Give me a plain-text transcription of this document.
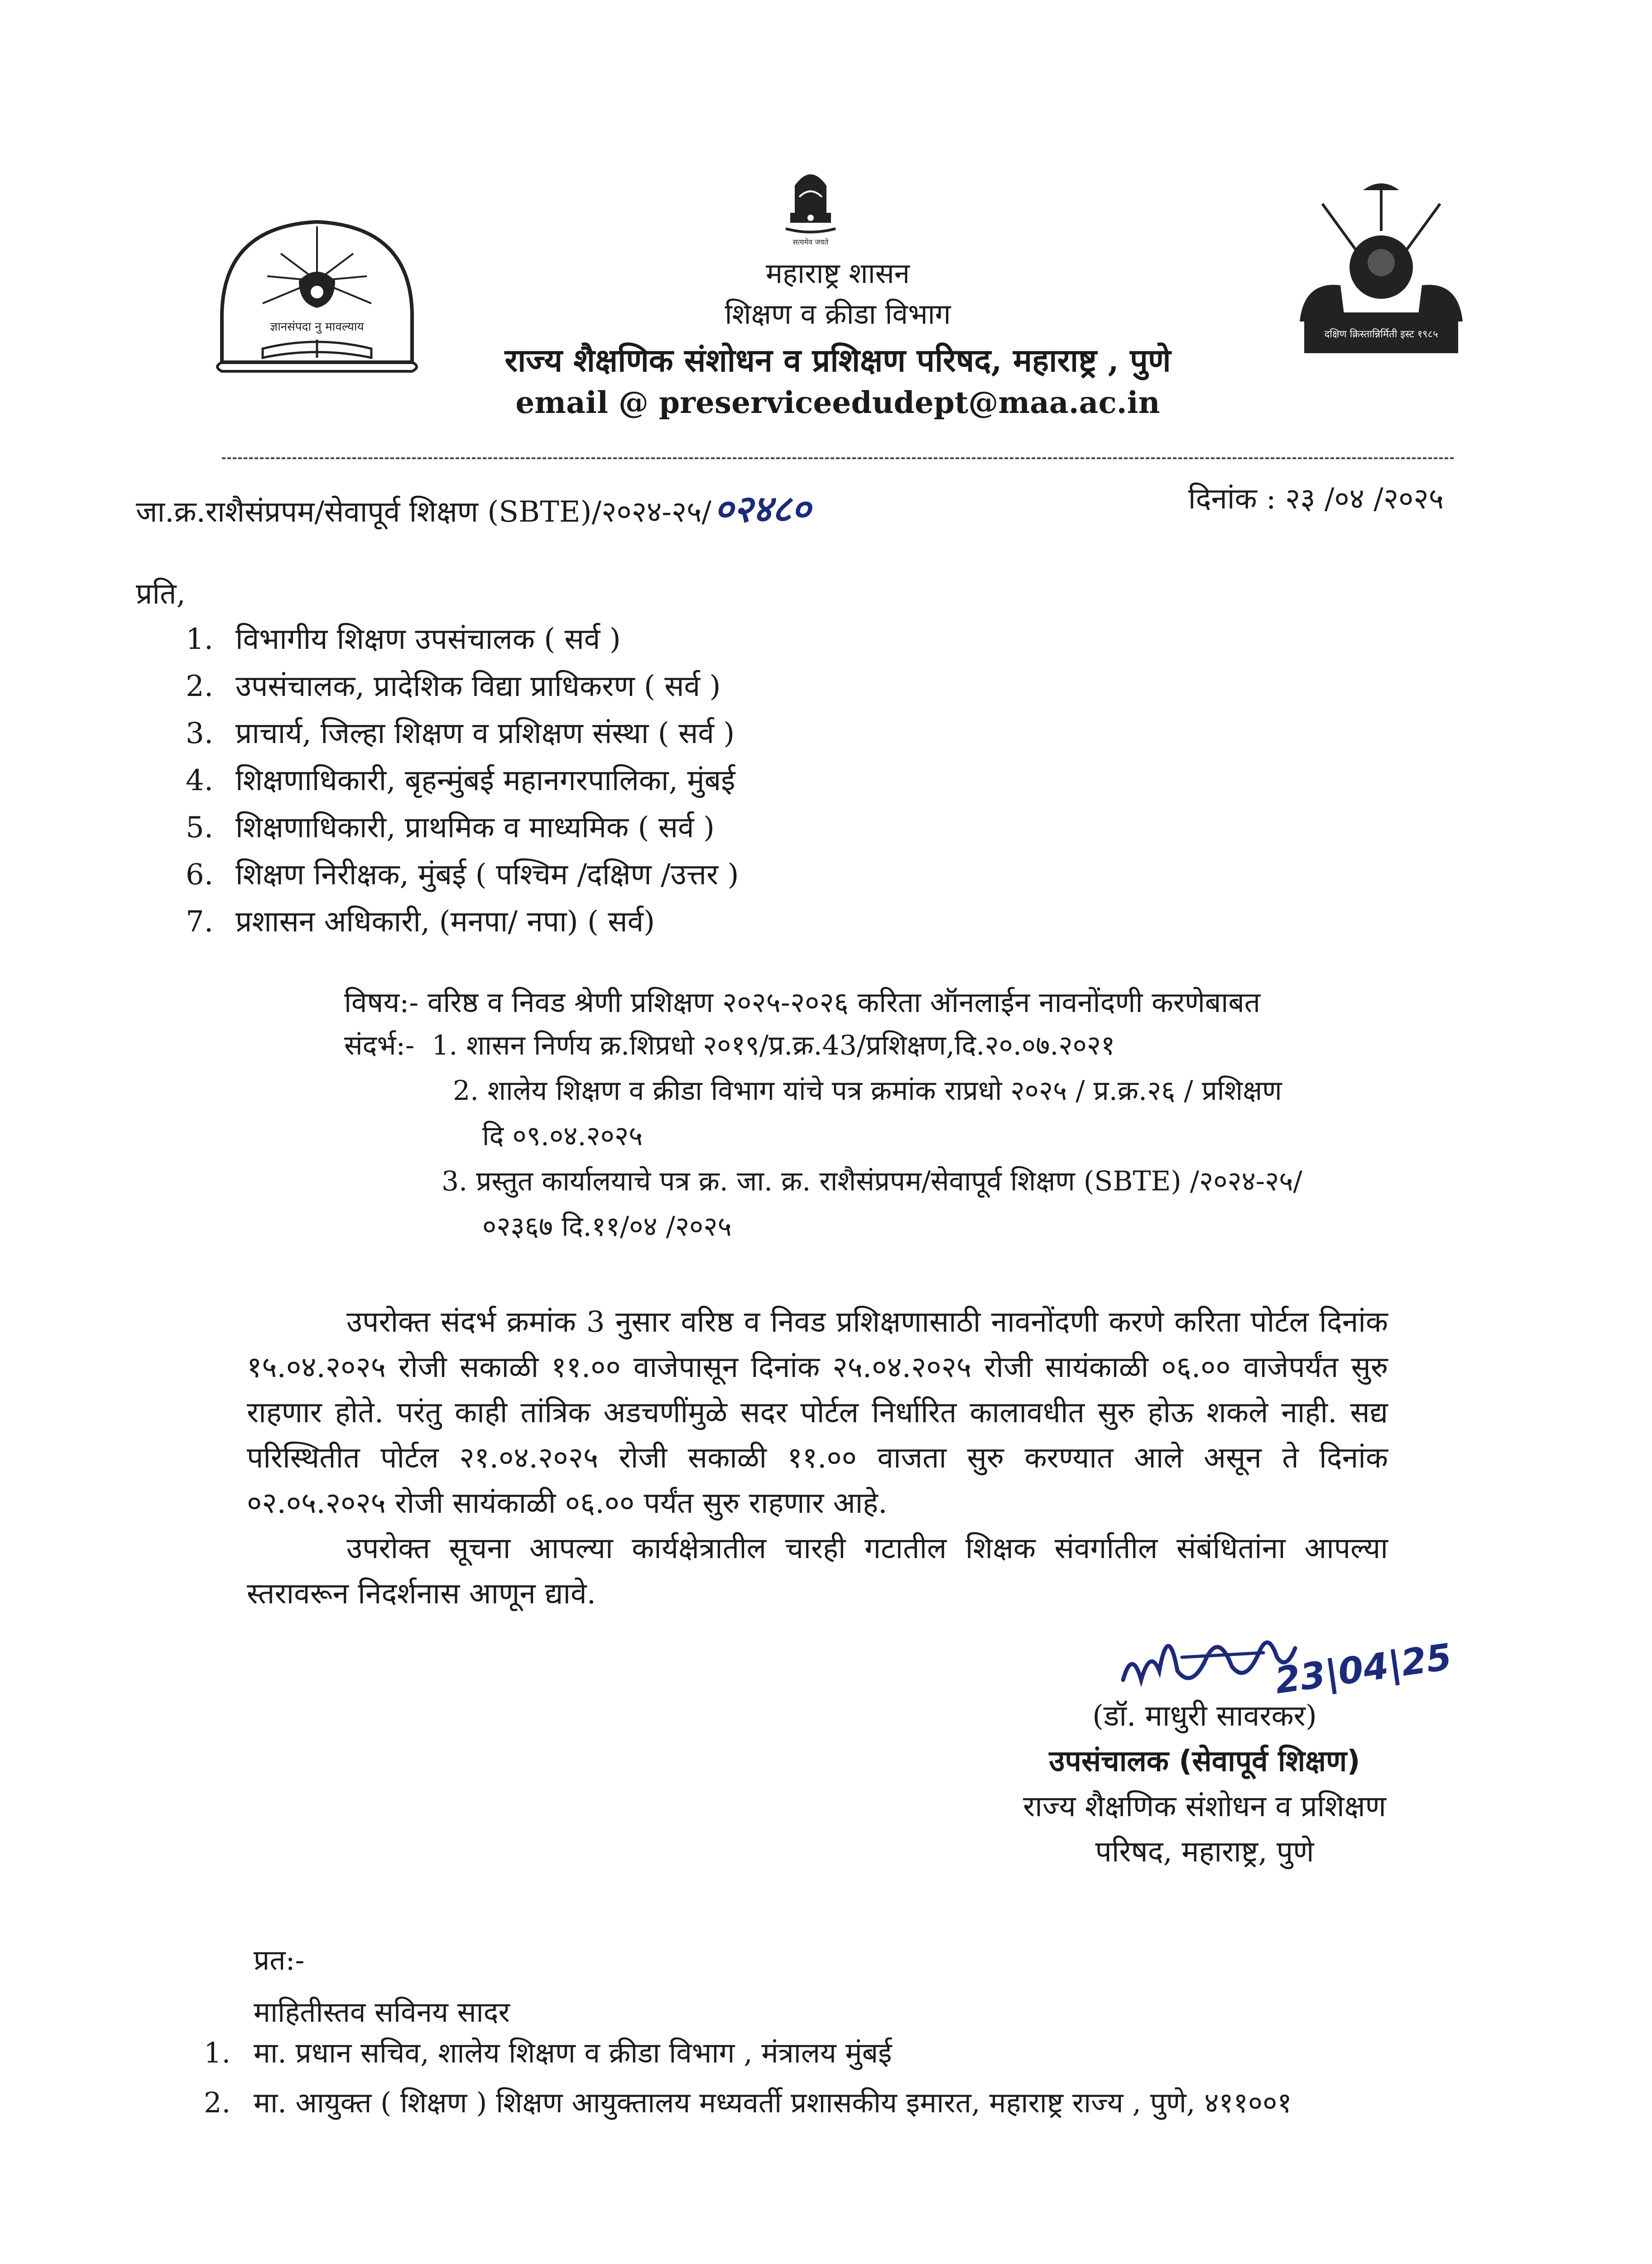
ज्ञानसंपदा नु मावल्याय
सत्यमेव जयते
दक्षिण क्रिस्तान्निर्मिती इस्ट १९८५
महाराष्ट्र शासन
शिक्षण व क्रीडा विभाग
राज्य शैक्षणिक संशोधन व प्रशिक्षण परिषद, महाराष्ट्र , पुणे
email @ preserviceedudept@maa.ac.in
जा.क्र.राशैसंप्रपम/सेवापूर्व शिक्षण (SBTE)/२०२४-२५/०२४८०	दिनांक : २३ /०४ /२०२५
प्रति,
1. विभागीय शिक्षण उपसंचालक ( सर्व )
2. उपसंचालक, प्रादेशिक विद्या प्राधिकरण ( सर्व )
3. प्राचार्य, जिल्हा शिक्षण व प्रशिक्षण संस्था ( सर्व )
4. शिक्षणाधिकारी, बृहन्मुंबई महानगरपालिका, मुंबई
5. शिक्षणाधिकारी, प्राथमिक व माध्यमिक ( सर्व )
6. शिक्षण निरीक्षक, मुंबई ( पश्चिम /दक्षिण /उत्तर )
7. प्रशासन अधिकारी, (मनपा/ नपा) ( सर्व)
विषय:- वरिष्ठ व निवड श्रेणी प्रशिक्षण २०२५-२०२६ करिता ऑनलाईन नावनोंदणी करणेबाबत
संदर्भ:- 1. शासन निर्णय क्र.शिप्रधो २०१९/प्र.क्र.43/प्रशिक्षण,दि.२०.०७.२०२१
2. शालेय शिक्षण व क्रीडा विभाग यांचे पत्र क्रमांक राप्रधो २०२५ / प्र.क्र.२६ / प्रशिक्षण
दि ०९.०४.२०२५
3. प्रस्तुत कार्यालयाचे पत्र क्र. जा. क्र. राशैसंप्रपम/सेवापूर्व शिक्षण (SBTE) /२०२४-२५/
०२३६७ दि.११/०४ /२०२५

उपरोक्त संदर्भ क्रमांक 3 नुसार वरिष्ठ व निवड प्रशिक्षणासाठी नावनोंदणी करणे करिता पोर्टल दिनांक १५.०४.२०२५ रोजी सकाळी ११.०० वाजेपासून दिनांक २५.०४.२०२५ रोजी सायंकाळी ०६.०० वाजेपर्यंत सुरु राहणार होते. परंतु काही तांत्रिक अडचणींमुळे सदर पोर्टल निर्धारित कालावधीत सुरु होऊ शकले नाही. सद्य परिस्थितीत पोर्टल २१.०४.२०२५ रोजी सकाळी ११.०० वाजता सुरु करण्यात आले असून ते दिनांक ०२.०५.२०२५ रोजी सायंकाळी ०६.०० पर्यंत सुरु राहणार आहे.

उपरोक्त सूचना आपल्या कार्यक्षेत्रातील चारही गटातील शिक्षक संवर्गातील संबंधितांना आपल्या स्तरावरून निदर्शनास आणून द्यावे.

23|04|25
(डॉ. माधुरी सावरकर)
उपसंचालक (सेवापूर्व शिक्षण)
राज्य शैक्षणिक संशोधन व प्रशिक्षण
परिषद, महाराष्ट्र, पुणे
प्रत:-
माहितीस्तव सविनय सादर
1. मा. प्रधान सचिव, शालेय शिक्षण व क्रीडा विभाग , मंत्रालय मुंबई
2. मा. आयुक्त ( शिक्षण ) शिक्षण आयुक्तालय मध्यवर्ती प्रशासकीय इमारत, महाराष्ट्र राज्य , पुणे, ४११००१
